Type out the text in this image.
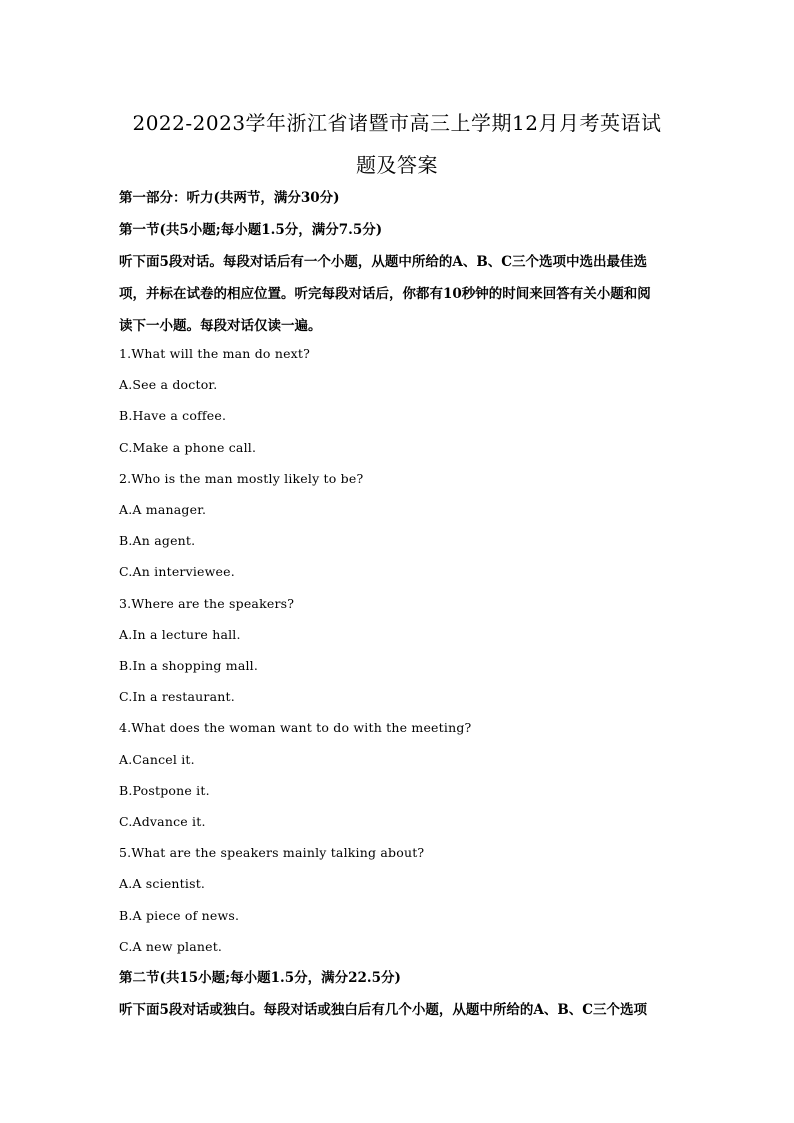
2022-2023学年浙江省诸暨市高三上学期12月月考英语试
题及答案
第一部分：听力(共两节，满分30分)
第一节(共5小题;每小题1.5分，满分7.5分)
听下面5段对话。每段对话后有一个小题，从题中所给的A、B、C三个选项中选出最佳选
项，并标在试卷的相应位置。听完每段对话后，你都有10秒钟的时间来回答有关小题和阅
读下一小题。每段对话仅读一遍。
1.What will the man do next?
A.See a doctor.
B.Have a coffee.
C.Make a phone call.
2.Who is the man mostly likely to be?
A.A manager.
B.An agent.
C.An interviewee.
3.Where are the speakers?
A.In a lecture hall.
B.In a shopping mall.
C.In a restaurant.
4.What does the woman want to do with the meeting?
A.Cancel it.
B.Postpone it.
C.Advance it.
5.What are the speakers mainly talking about?
A.A scientist.
B.A piece of news.
C.A new planet.
第二节(共15小题;每小题1.5分，满分22.5分)
听下面5段对话或独白。每段对话或独白后有几个小题，从题中所给的A、B、C三个选项
